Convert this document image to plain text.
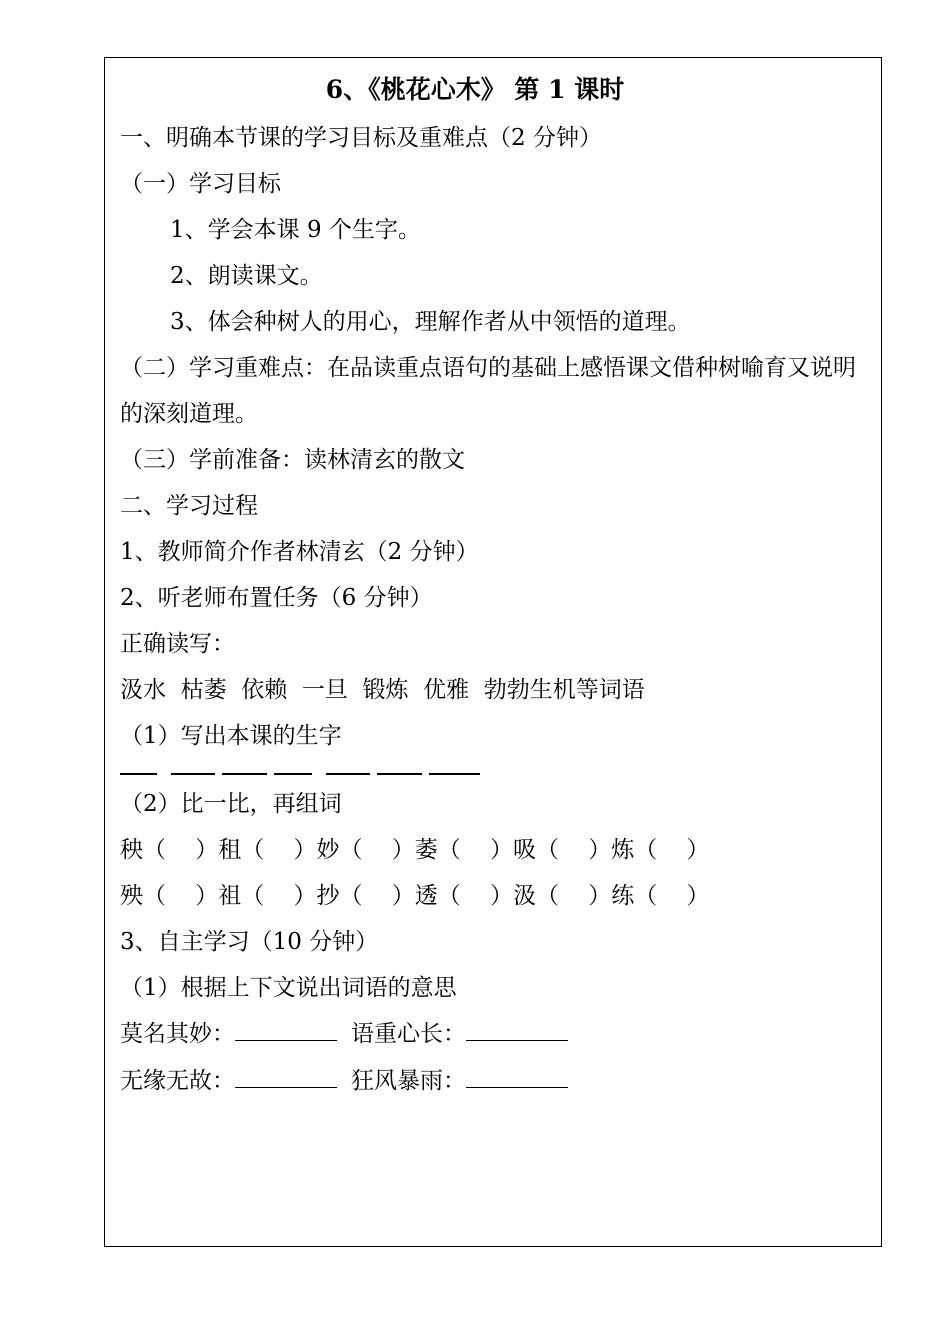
6、《桃花心木》 第 1 课时
一、明确本节课的学习目标及重难点（2 分钟）
（一）学习目标
1、学会本课 9 个生字。
2、朗读课文。
3、体会种树人的用心，理解作者从中领悟的道理。
（二）学习重难点：在品读重点语句的基础上感悟课文借种树喻育又说明的深刻道理。
（三）学前准备：读林清玄的散文
二、学习过程
1、教师简介作者林清玄（2 分钟）
2、听老师布置任务（6 分钟）
正确读写：
汲水  枯萎  依赖  一旦  锻炼  优雅  勃勃生机等词语
（1）写出本课的生字
（2）比一比，再组词
秧（    ）租（    ）妙（    ）萎（    ）吸（    ）炼（    ）
殃（    ）祖（    ）抄（    ）透（    ）汲（    ）练（    ）
3、自主学习（10 分钟）
（1）根据上下文说出词语的意思
莫名其妙：	语重心长：
无缘无故：	狂风暴雨：
